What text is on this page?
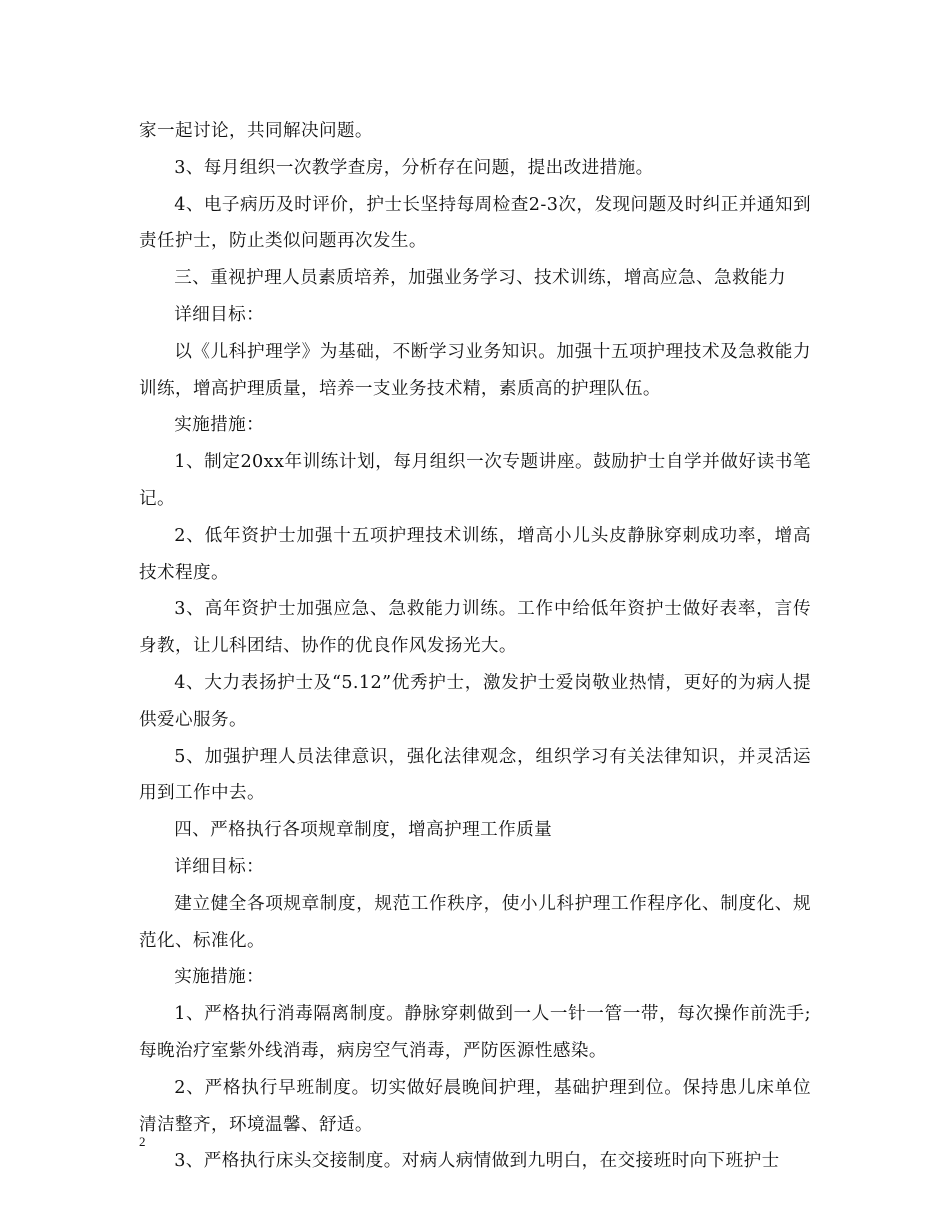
家一起讨论，共同解决问题。

3、每月组织一次教学查房，分析存在问题，提出改进措施。

4、电子病历及时评价，护士长坚持每周检查2-3次，发现问题及时纠正并通知到责任护士，防止类似问题再次发生。

三、重视护理人员素质培养，加强业务学习、技术训练，增高应急、急救能力

详细目标：

以《儿科护理学》为基础，不断学习业务知识。加强十五项护理技术及急救能力训练，增高护理质量，培养一支业务技术精，素质高的护理队伍。

实施措施：

1、制定20xx年训练计划，每月组织一次专题讲座。鼓励护士自学并做好读书笔记。

2、低年资护士加强十五项护理技术训练，增高小儿头皮静脉穿刺成功率，增高技术程度。

3、高年资护士加强应急、急救能力训练。工作中给低年资护士做好表率，言传身教，让儿科团结、协作的优良作风发扬光大。

4、大力表扬护士及“5.12”优秀护士，激发护士爱岗敬业热情，更好的为病人提供爱心服务。

5、加强护理人员法律意识，强化法律观念，组织学习有关法律知识，并灵活运用到工作中去。

四、严格执行各项规章制度，增高护理工作质量

详细目标：

建立健全各项规章制度，规范工作秩序，使小儿科护理工作程序化、制度化、规范化、标准化。

实施措施：

1、严格执行消毒隔离制度。静脉穿刺做到一人一针一管一带，每次操作前洗手;每晚治疗室紫外线消毒，病房空气消毒，严防医源性感染。

2、严格执行早班制度。切实做好晨晚间护理，基础护理到位。保持患儿床单位清洁整齐，环境温馨、舒适。

3、严格执行床头交接制度。对病人病情做到九明白，在交接班时向下班护士

2
